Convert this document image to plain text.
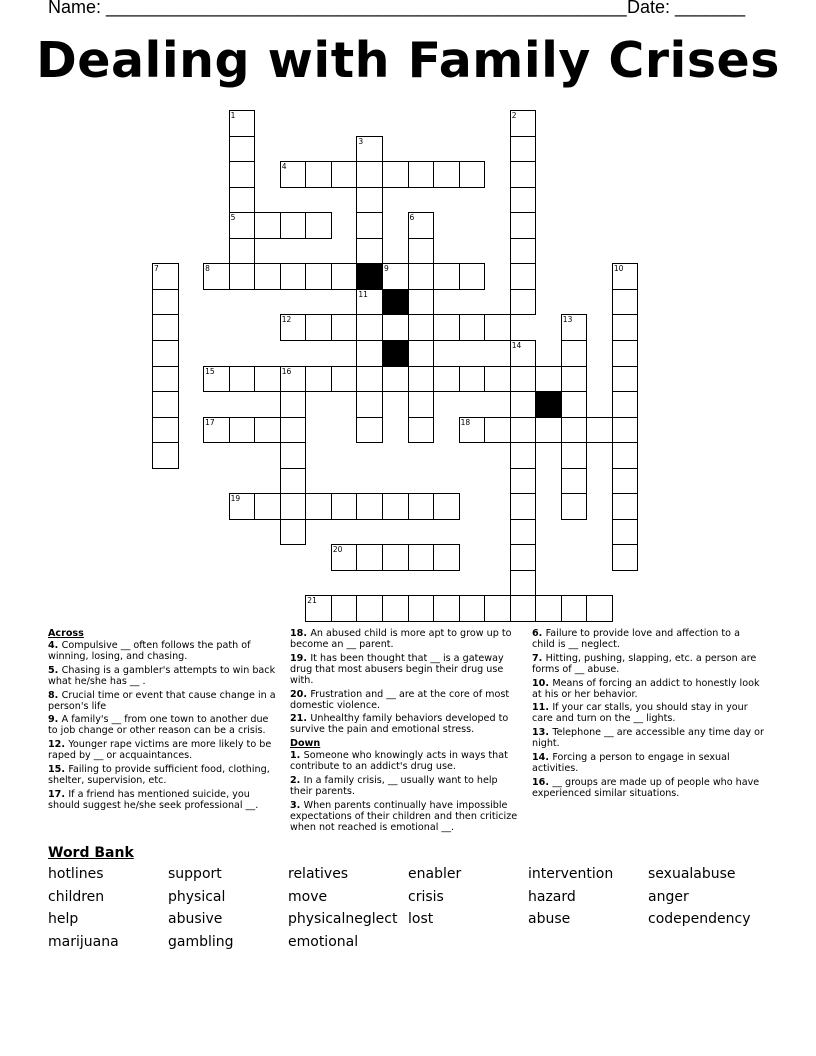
Name: ____________________________________________________ Date: _______
Dealing with Family Crises
1
5
2
3
4
6
7	8	9	10
11
12	13
14
15	16
17	18
19
20
21
Across
4. Compulsive __ often follows the path of winning, losing, and chasing.
5. Chasing is a gambler's attempts to win back what he/she has __ .
8. Crucial time or event that cause change in a person's life
9. A family's __ from one town to another due to job change or other reason can be a crisis.
12. Younger rape victims are more likely to be raped by __ or acquaintances.
15. Failing to provide sufficient food, clothing, shelter, supervision, etc.
17. If a friend has mentioned suicide, you should suggest he/she seek professional __.
18. An abused child is more apt to grow up to become an __ parent.
19. It has been thought that __ is a gateway drug that most abusers begin their drug use with.
20. Frustration and __ are at the core of most domestic violence.
21. Unhealthy family behaviors developed to survive the pain and emotional stress.
Down
1. Someone who knowingly acts in ways that contribute to an addict's drug use.
2. In a family crisis, __ usually want to help their parents.
3. When parents continually have impossible expectations of their children and then criticize when not reached is emotional __.
6. Failure to provide love and affection to a child is __ neglect.
7. Hitting, pushing, slapping, etc. a person are forms of __ abuse.
10. Means of forcing an addict to honestly look at his or her behavior.
11. If your car stalls, you should stay in your care and turn on the __ lights.
13. Telephone __ are accessible any time day or night.
14. Forcing a person to engage in sexual activities.
16. __ groups are made up of people who have experienced similar situations.
Word Bank
hotlines
children
help
marijuana
support
physical
abusive
gambling
relatives
move
physicalneglect
emotional
enabler
crisis
lost
intervention
hazard
abuse
sexualabuse
anger
codependency
